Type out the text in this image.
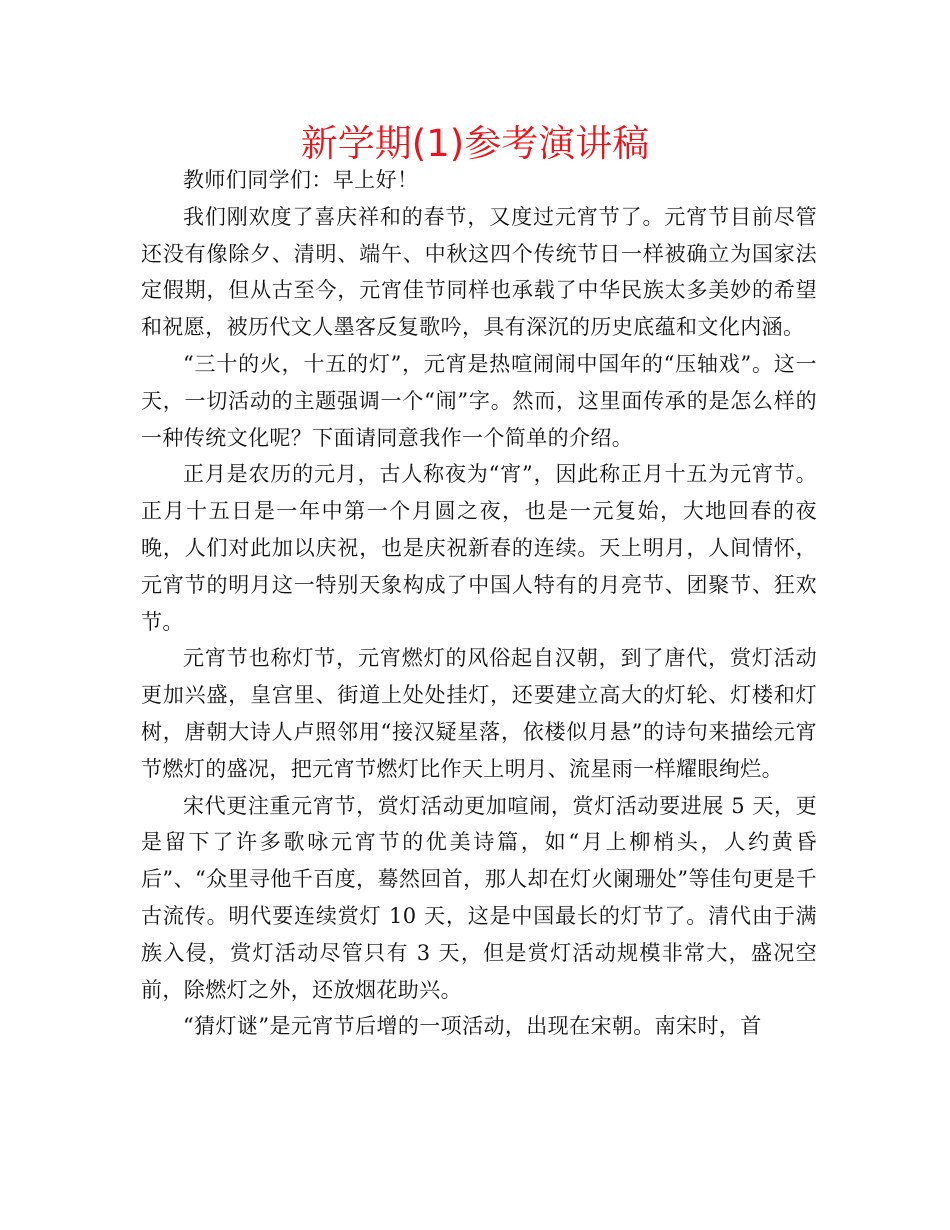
新学期(1)参考演讲稿

教师们同学们：早上好！

我们刚欢度了喜庆祥和的春节，又度过元宵节了。元宵节目前尽管还没有像除夕、清明、端午、中秋这四个传统节日一样被确立为国家法定假期，但从古至今，元宵佳节同样也承载了中华民族太多美妙的希望和祝愿，被历代文人墨客反复歌吟，具有深沉的历史底蕴和文化内涵。

“三十的火，十五的灯”，元宵是热喧闹闹中国年的“压轴戏”。这一天，一切活动的主题强调一个“闹”字。然而，这里面传承的是怎么样的一种传统文化呢？下面请同意我作一个简单的介绍。

正月是农历的元月，古人称夜为“宵”，因此称正月十五为元宵节。正月十五日是一年中第一个月圆之夜，也是一元复始，大地回春的夜晚，人们对此加以庆祝，也是庆祝新春的连续。天上明月，人间情怀，元宵节的明月这一特别天象构成了中国人特有的月亮节、团聚节、狂欢节。

元宵节也称灯节，元宵燃灯的风俗起自汉朝，到了唐代，赏灯活动更加兴盛，皇宫里、街道上处处挂灯，还要建立高大的灯轮、灯楼和灯树，唐朝大诗人卢照邻用“接汉疑星落，依楼似月悬”的诗句来描绘元宵节燃灯的盛况，把元宵节燃灯比作天上明月、流星雨一样耀眼绚烂。

宋代更注重元宵节，赏灯活动更加喧闹，赏灯活动要进展 5 天，更是留下了许多歌咏元宵节的优美诗篇，如“月上柳梢头，人约黄昏后”、“众里寻他千百度，蓦然回首，那人却在灯火阑珊处”等佳句更是千古流传。明代要连续赏灯 10 天，这是中国最长的灯节了。清代由于满族入侵，赏灯活动尽管只有 3 天，但是赏灯活动规模非常大，盛况空前，除燃灯之外，还放烟花助兴。

“猜灯谜”是元宵节后增的一项活动，出现在宋朝。南宋时，首
